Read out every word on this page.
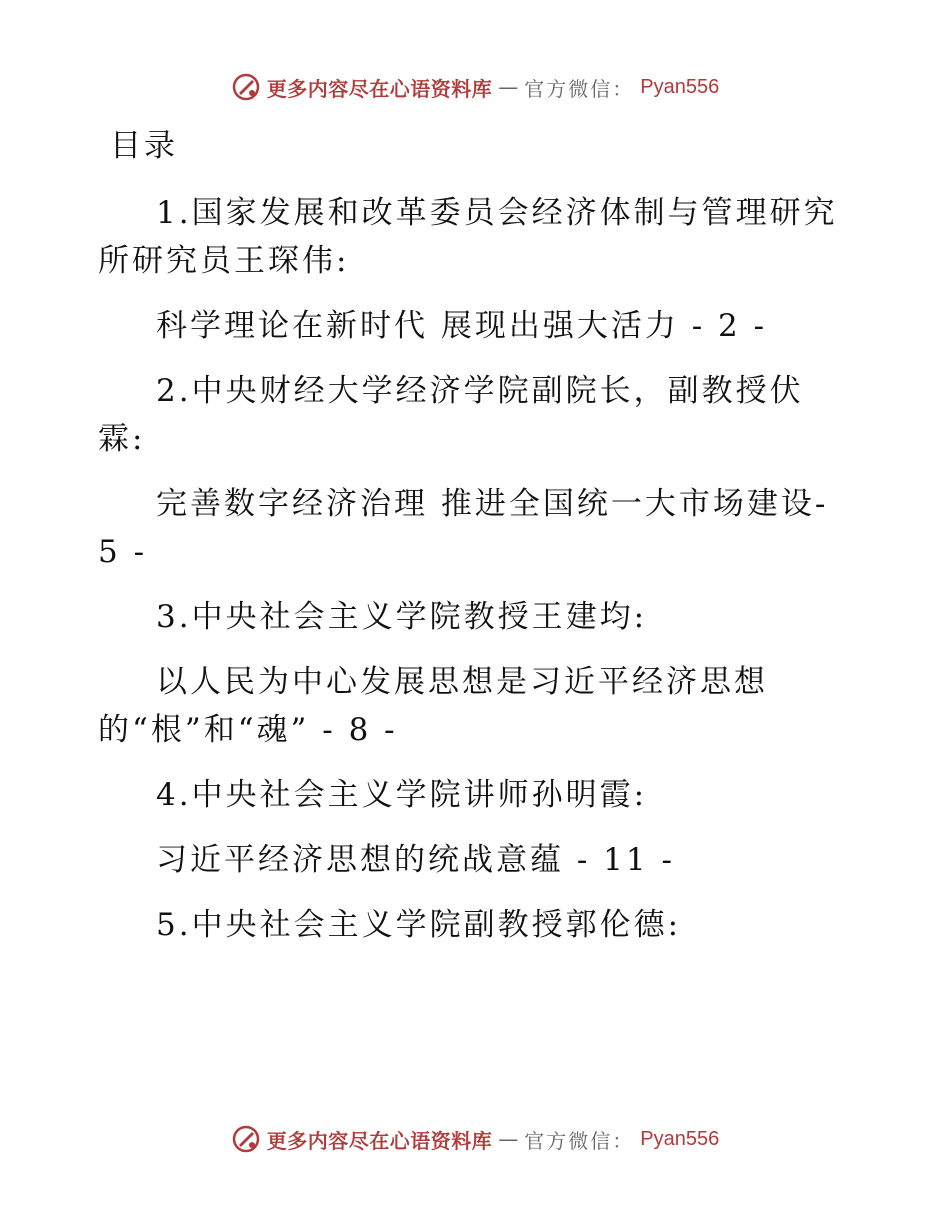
更多内容尽在心语资料库 — 官方微信： Pyan556
目录
1.国家发展和改革委员会经济体制与管理研究
所研究员王琛伟:
科学理论在新时代 展现出强大活力 - 2 -
2.中央财经大学经济学院副院长，副教授伏
霖:
完善数字经济治理 推进全国统一大市场建设-
5 -
3.中央社会主义学院教授王建均:
以人民为中心发展思想是习近平经济思想
的“根”和“魂” - 8 -
4.中央社会主义学院讲师孙明霞:
习近平经济思想的统战意蕴 - 11 -
5.中央社会主义学院副教授郭伦德:
更多内容尽在心语资料库 — 官方微信： Pyan556
